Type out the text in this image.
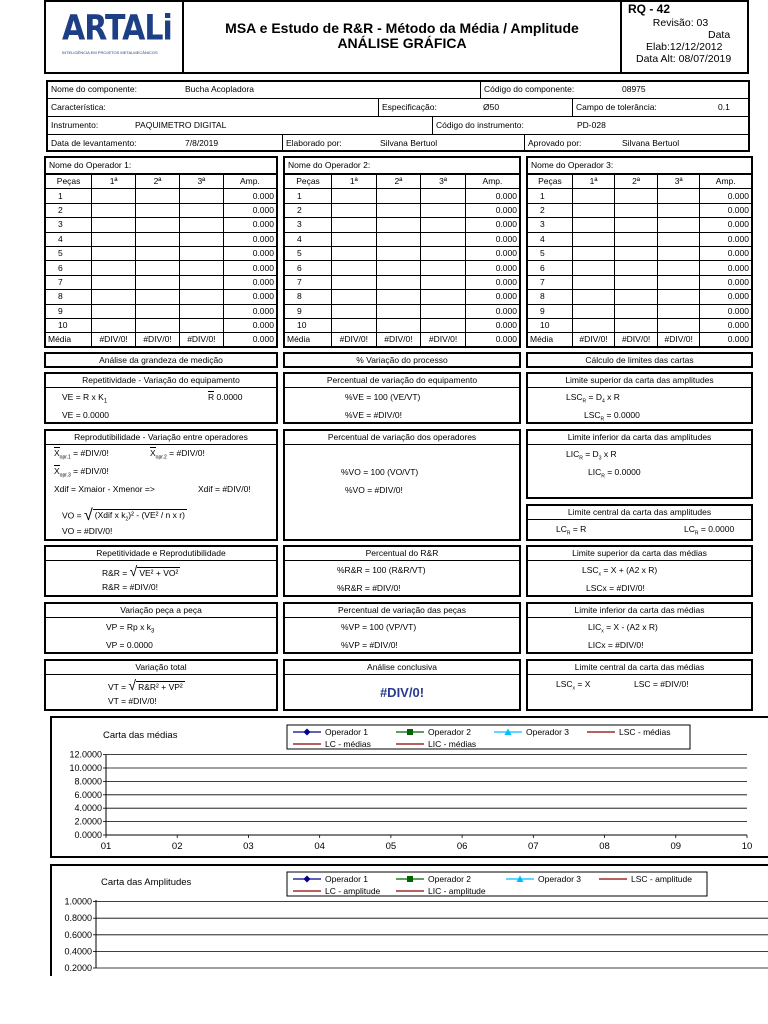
ARTALi
INTELIGÊNCIA EM PROJETOS METALMECÂNICOS
MSA e Estudo de R&R - Método da Média / Amplitude
ANÁLISE GRÁFICA
RQ - 42
Revisão: 03
Data
Elab:12/12/2012
Data Alt: 08/07/2019
Nome do componente:	Bucha Acopladora	Código do componente:	08975
Característica:	Especificação:	Ø50	Campo de tolerância:	0.1
Instrumento:	PAQUIMETRO DIGITAL	Código do instrumento:	PD-028
Data de levantamento:	7/8/2019	Elaborado por:	Silvana Bertuol	Aprovado por:	Silvana Bertuol
Nome do Operador 1:
Peças	1ª	2ª	3ª	Amp.
1				0.000
2				0.000
3				0.000
4				0.000
5				0.000
6				0.000
7				0.000
8				0.000
9				0.000
10				0.000
Média	#DIV/0!	#DIV/0!	#DIV/0!	0.000
Nome do Operador 2:
Peças	1ª	2ª	3ª	Amp.
1				0.000
2				0.000
3				0.000
4				0.000
5				0.000
6				0.000
7				0.000
8				0.000
9				0.000
10				0.000
Média	#DIV/0!	#DIV/0!	#DIV/0!	0.000
Nome do Operador 3:
Peças	1ª	2ª	3ª	Amp.
1				0.000
2				0.000
3				0.000
4				0.000
5				0.000
6				0.000
7				0.000
8				0.000
9				0.000
10				0.000
Média	#DIV/0!	#DIV/0!	#DIV/0!	0.000
Análise da grandeza de medição	% Variação do processo	Cálculo de limites das cartas
Repetitividade - Variação do equipamento
VE = R x $K_1$	R 0.0000
VE = 0.0000
Reprodutibilidade - Variação entre operadores
$X_{opr.1}$ = #DIV/0!	$X_{opr.2}$ = #DIV/0!
$X_{opr.3}$ = #DIV/0!
Xdif = Xmaior - Xmenor =>	Xdif = #DIV/0!
VO = √ (Xdif x $k_2)^2 - (VE^2$ / n x r)
VO = #DIV/0!
Repetitividade e Reprodutibilidade
R&R = √ VE² + VO²
R&R = #DIV/0!
Variação peça a peça
VP = Rp x $k_3$
VP = 0.0000
Variação total
VT = √ R&R² + VP²
VT = #DIV/0!
Percentual de variação do equipamento
%VE = 100 (VE/VT)
%VE = #DIV/0!
Percentual de variação dos operadores
%VO = 100 (VO/VT)
%VO = #DIV/0!
Percentual do R&R
%R&R = 100 (R&R/VT)
%R&R = #DIV/0!
Percentual de variação das peças
%VP = 100 (VP/VT)
%VP = #DIV/0!
Análise conclusiva
#DIV/0!
Limite superior da carta das amplitudes
$LSC_R = D_4$ x R
$LSC_R = 0.0000$
Limite inferior da carta das amplitudes
$LIC_R = D_3$ x R
$LIC_R = 0.0000$
Limite central da carta das amplitudes
$LC_R = R$	$LC_R = 0.0000$
Limite superior da carta das médias
$LSC_x = X + (A2$ x R)
LSCx = #DIV/0!
Limite inferior da carta das médias
$LIC_x = X - (A2$ x R)
LICx = #DIV/0!
Limite central da carta das médias
$LSC_x = X$	LSC = #DIV/0!
Carta das médias	Operador 1	Operador 2	Operador 3	LSC - médias
LC - médias	LIC - médias
12.0000
10.0000
8.0000
6.0000
4.0000
2.0000
0.0000
01	02	03	04	05	06	07	08	09	10
Carta das Amplitudes	Operador 1	Operador 2	Operador 3	LSC - amplitude
LC - amplitude	LIC - amplitude
1.0000
0.8000
0.6000
0.4000
0.2000
